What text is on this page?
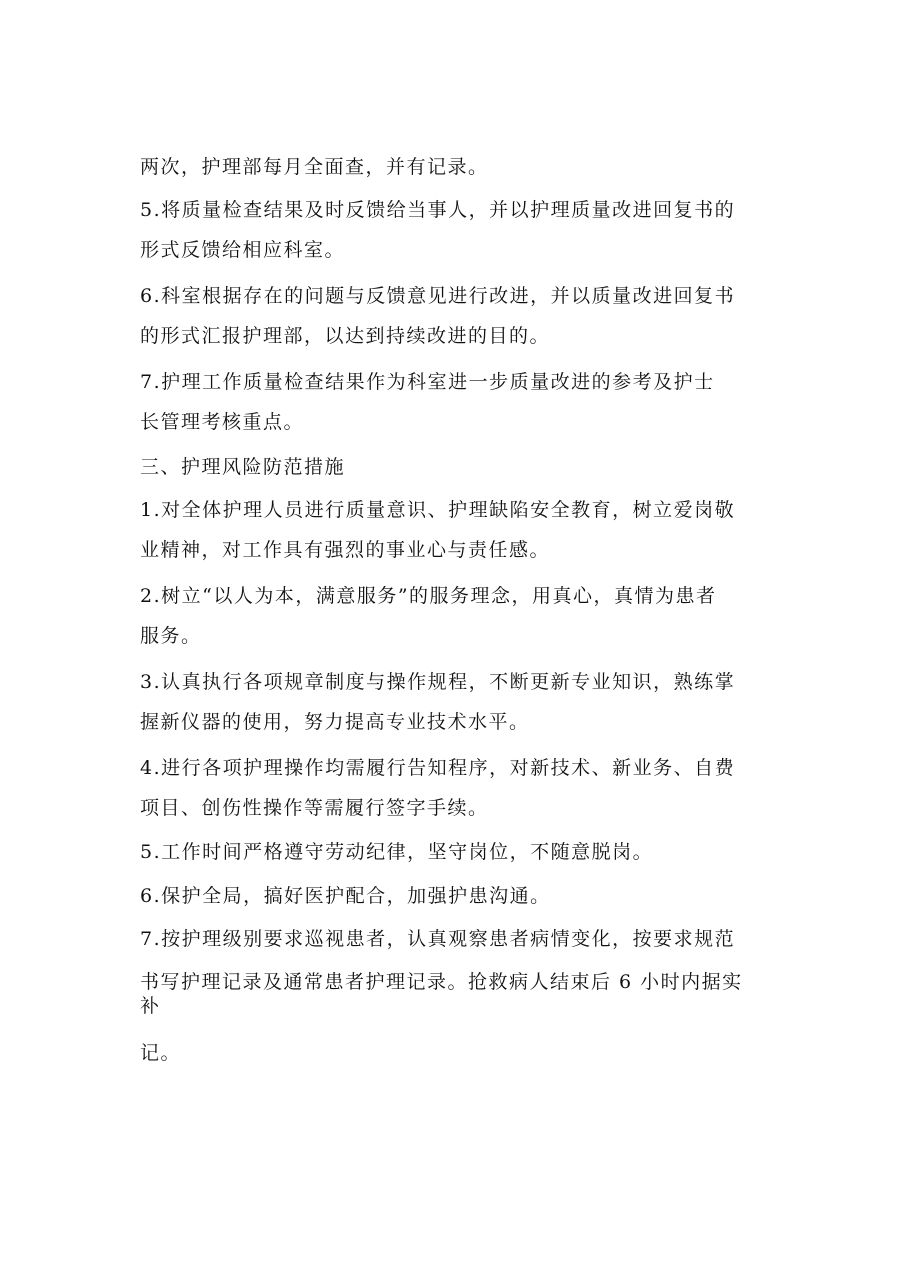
两次，护理部每月全面查，并有记录。
5.将质量检查结果及时反馈给当事人，并以护理质量改进回复书的
形式反馈给相应科室。
6.科室根据存在的问题与反馈意见进行改进，并以质量改进回复书
的形式汇报护理部，以达到持续改进的目的。
7.护理工作质量检查结果作为科室进一步质量改进的参考及护士
长管理考核重点。
三、护理风险防范措施
1.对全体护理人员进行质量意识、护理缺陷安全教育，树立爱岗敬
业精神，对工作具有强烈的事业心与责任感。
2.树立“以人为本，满意服务”的服务理念，用真心，真情为患者
服务。
3.认真执行各项规章制度与操作规程，不断更新专业知识，熟练掌
握新仪器的使用，努力提高专业技术水平。
4.进行各项护理操作均需履行告知程序，对新技术、新业务、自费
项目、创伤性操作等需履行签字手续。
5.工作时间严格遵守劳动纪律，坚守岗位，不随意脱岗。
6.保护全局，搞好医护配合，加强护患沟通。
7.按护理级别要求巡视患者，认真观察患者病情变化，按要求规范
书写护理记录及通常患者护理记录。抢救病人结束后 6 小时内据实
补
记。
